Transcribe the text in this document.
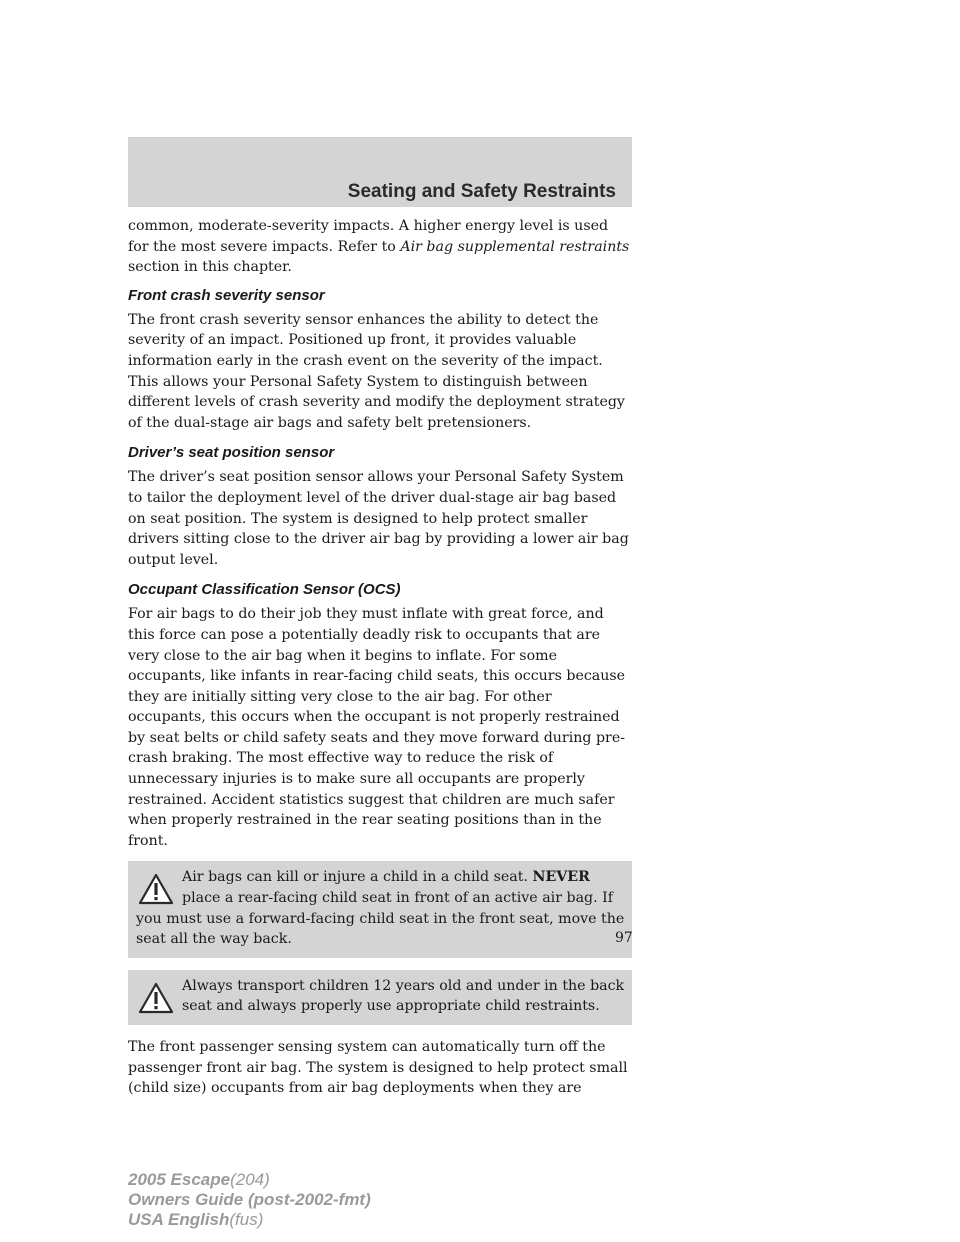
Seating and Safety Restraints

common, moderate-severity impacts. A higher energy level is used for the most severe impacts. Refer to Air bag supplemental restraints section in this chapter.

Front crash severity sensor

The front crash severity sensor enhances the ability to detect the severity of an impact. Positioned up front, it provides valuable information early in the crash event on the severity of the impact. This allows your Personal Safety System to distinguish between different levels of crash severity and modify the deployment strategy of the dual-stage air bags and safety belt pretensioners.

Driver’s seat position sensor

The driver’s seat position sensor allows your Personal Safety System to tailor the deployment level of the driver dual-stage air bag based on seat position. The system is designed to help protect smaller drivers sitting close to the driver air bag by providing a lower air bag output level.

Occupant Classification Sensor (OCS)

For air bags to do their job they must inflate with great force, and this force can pose a potentially deadly risk to occupants that are very close to the air bag when it begins to inflate. For some occupants, like infants in rear-facing child seats, this occurs because they are initially sitting very close to the air bag. For other occupants, this occurs when the occupant is not properly restrained by seat belts or child safety seats and they move forward during pre-crash braking. The most effective way to reduce the risk of unnecessary injuries is to make sure all occupants are properly restrained. Accident statistics suggest that children are much safer when properly restrained in the rear seating positions than in the front.

Air bags can kill or injure a child in a child seat. NEVER place a rear-facing child seat in front of an active air bag. If you must use a forward-facing child seat in the front seat, move the seat all the way back.
Always transport children 12 years old and under in the back seat and always properly use appropriate child restraints.

The front passenger sensing system can automatically turn off the passenger front air bag. The system is designed to help protect small (child size) occupants from air bag deployments when they are

97
2005 Escape(204)
Owners Guide (post-2002-fmt)
USA English(fus)
